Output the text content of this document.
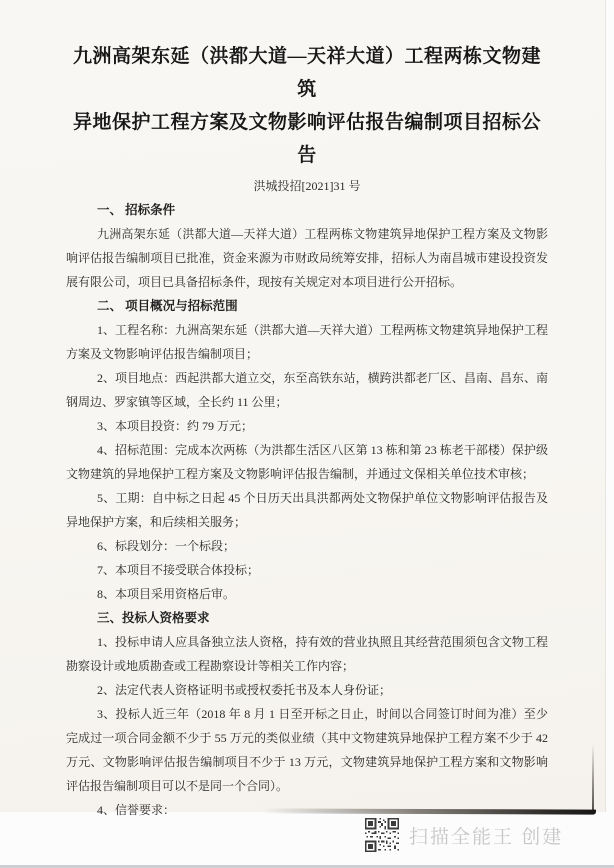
九洲高架东延（洪都大道—天祥大道）工程两栋文物建筑
异地保护工程方案及文物影响评估报告编制项目招标公告
洪城投招[2021]31 号
一、 招标条件

九洲高架东延（洪都大道—天祥大道）工程两栋文物建筑异地保护工程方案及文物影响评估报告编制项目已批准，资金来源为市财政局统筹安排，招标人为南昌城市建设投资发展有限公司，项目已具备招标条件，现按有关规定对本项目进行公开招标。

二、 项目概况与招标范围

1、工程名称：九洲高架东延（洪都大道—天祥大道）工程两栋文物建筑异地保护工程方案及文物影响评估报告编制项目；

2、项目地点：西起洪都大道立交，东至高铁东站，横跨洪都老厂区、昌南、昌东、南钢周边、罗家镇等区域，全长约 11 公里；

3、本项目投资：约 79 万元；

4、招标范围：完成本次两栋（为洪都生活区八区第 13 栋和第 23 栋老干部楼）保护级文物建筑的异地保护工程方案及文物影响评估报告编制，并通过文保相关单位技术审核；

5、工期：自中标之日起 45 个日历天出具洪都两处文物保护单位文物影响评估报告及异地保护方案，和后续相关服务；

6、标段划分：一个标段；

7、本项目不接受联合体投标；

8、本项目采用资格后审。

三、投标人资格要求

1、投标申请人应具备独立法人资格，持有效的营业执照且其经营范围须包含文物工程勘察设计或地质勘查或工程勘察设计等相关工作内容；

2、法定代表人资格证明书或授权委托书及本人身份证；

3、投标人近三年（2018 年 8 月 1 日至开标之日止，时间以合同签订时间为准）至少完成过一项合同金额不少于 55 万元的类似业绩（其中文物建筑异地保护工程方案不少于 42 万元、文物影响评估报告编制项目不少于 13 万元，文物建筑异地保护工程方案和文物影响评估报告编制项目可以不是同一个合同）。

4、信誉要求：

扫描全能王 创建
